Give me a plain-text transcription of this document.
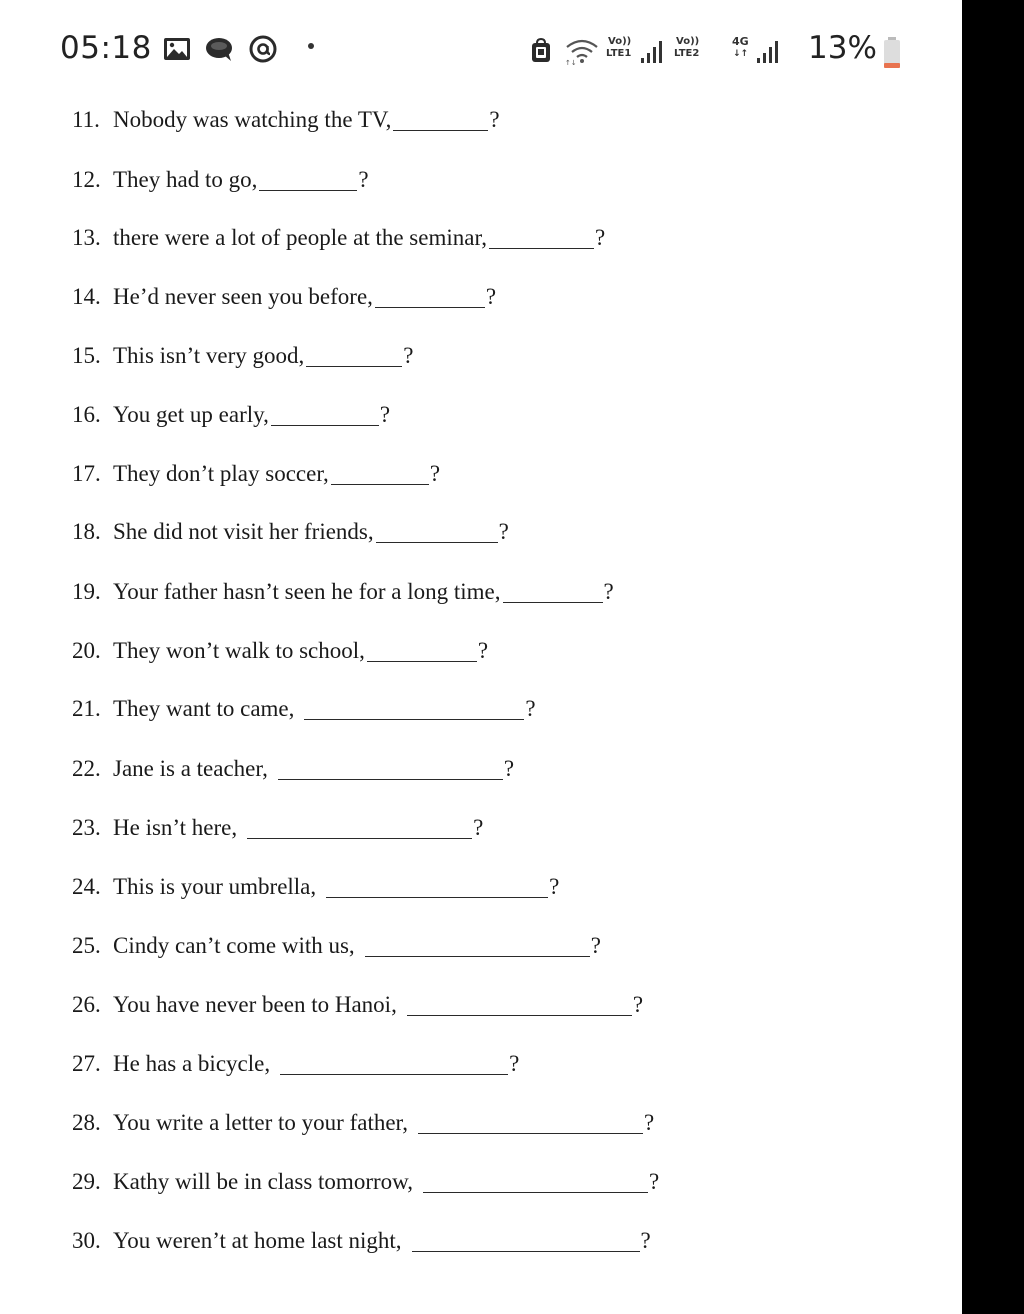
05:18	↑↓
Vo))
LTE1
Vo))
LTE2
4G
↓↑ 13%
11. Nobody was watching the TV,	?
12. They had to go,	?
13. there were a lot of people at the seminar,	?
14. He’d never seen you before,	?
15. This isn’t very good,	?
16. You get up early,	?
17. They don’t play soccer,	?
18. She did not visit her friends,	?
19. Your father hasn’t seen he for a long time,	?
20. They won’t walk to school,	?
21. They want to came,	?
22. Jane is a teacher,	?
23. He isn’t here,	?
24. This is your umbrella,	?
25. Cindy can’t come with us,	?
26. You have never been to Hanoi,	?
27. He has a bicycle,	?
28. You write a letter to your father,	?
29. Kathy will be in class tomorrow,	?
30. You weren’t at home last night,	?
